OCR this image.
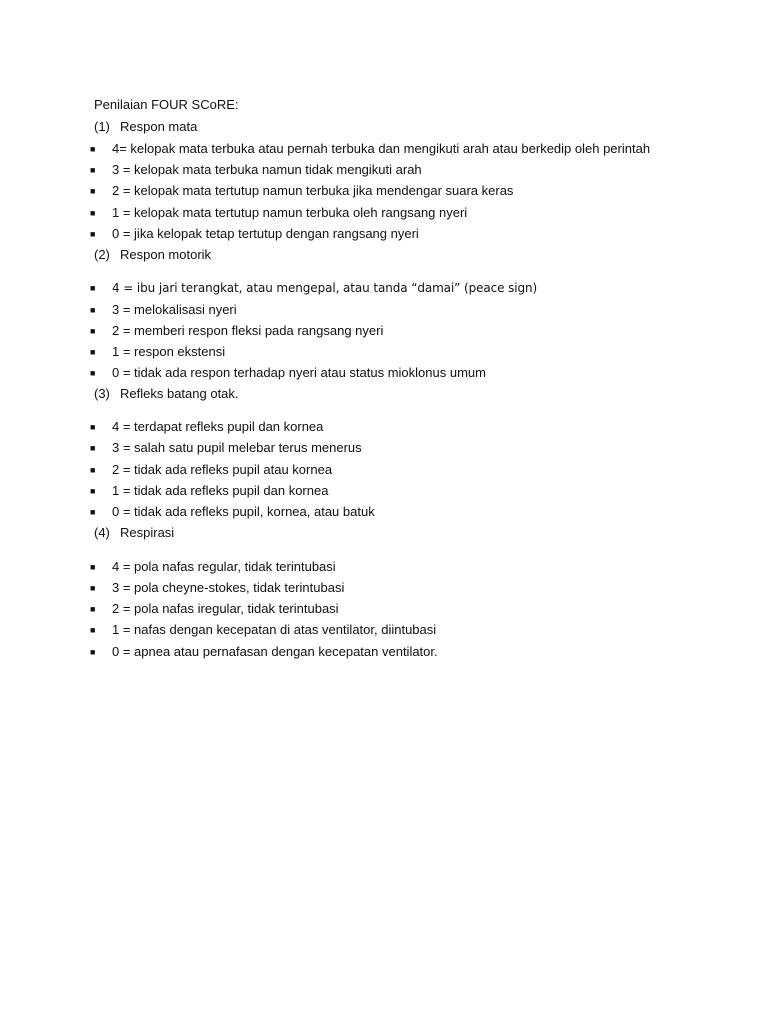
Penilaian FOUR SCoRE:
(1) Respon mata
■ 4= kelopak mata terbuka atau pernah terbuka dan mengikuti arah atau berkedip oleh perintah
■ 3 = kelopak mata terbuka namun tidak mengikuti arah
■ 2 = kelopak mata tertutup namun terbuka jika mendengar suara keras
■ 1 = kelopak mata tertutup namun terbuka oleh rangsang nyeri
■ 0 = jika kelopak tetap tertutup dengan rangsang nyeri
(2) Respon motorik
■ 4 = ibu jari terangkat, atau mengepal, atau tanda “damai” (peace sign)
■ 3 = melokalisasi nyeri
■ 2 = memberi respon fleksi pada rangsang nyeri
■ 1 = respon ekstensi
■ 0 = tidak ada respon terhadap nyeri atau status mioklonus umum
(3) Refleks batang otak.
■ 4 = terdapat refleks pupil dan kornea
■ 3 = salah satu pupil melebar terus menerus
■ 2 = tidak ada refleks pupil atau kornea
■ 1 = tidak ada refleks pupil dan kornea
■ 0 = tidak ada refleks pupil, kornea, atau batuk
(4) Respirasi
■ 4 = pola nafas regular, tidak terintubasi
■ 3 = pola cheyne-stokes, tidak terintubasi
■ 2 = pola nafas iregular, tidak terintubasi
■ 1 = nafas dengan kecepatan di atas ventilator, diintubasi
■ 0 = apnea atau pernafasan dengan kecepatan ventilator.
